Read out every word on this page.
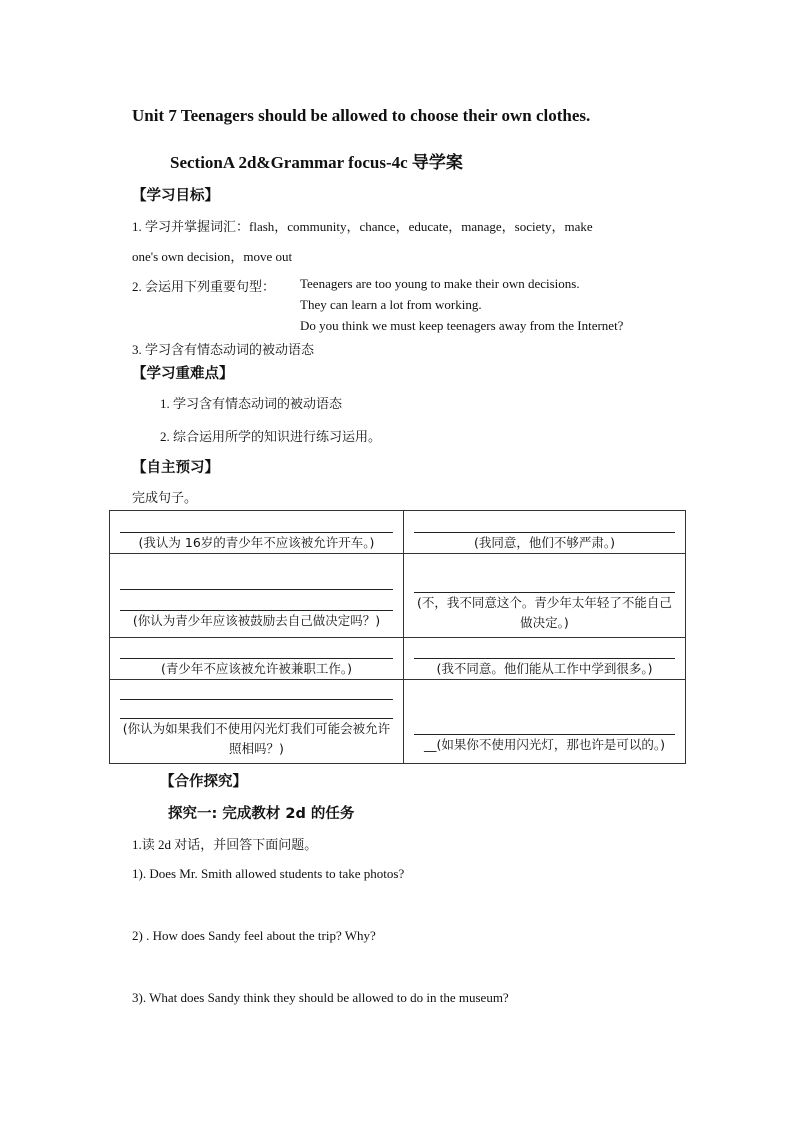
Unit 7 Teenagers should be allowed to choose their own clothes.
SectionA 2d&Grammar focus-4c 导学案
【学习目标】
1. 学习并掌握词汇：flash，community，chance，educate，manage，society，make
one's own decision，move out
2. 会运用下列重要句型： Teenagers are too young to make their own decisions.
They can learn a lot from working.
Do you think we must keep teenagers away from the Internet?
3. 学习含有情态动词的被动语态
【学习重难点】
1. 学习含有情态动词的被动语态
2. 综合运用所学的知识进行练习运用。
【自主预习】
完成句子。
(我认为 16岁的青少年不应该被允许开车。)	(我同意，他们不够严肃。)

(你认为青少年应该被鼓励去自己做决定吗？)	(不，我不同意这个。青少年太年轻了不能自己做决定。)

(青少年不应该被允许被兼职工作。)	(我不同意。他们能从工作中学到很多。)

(你认为如果我们不使用闪光灯我们可能会被允许照相吗？)	__(如果你不使用闪光灯，那也许是可以的。)
【合作探究】
探究一: 完成教材 2d 的任务
1.读 2d 对话，并回答下面问题。
1). Does Mr. Smith allowed students to take photos?
2) . How does Sandy feel about the trip? Why?
3). What does Sandy think they should be allowed to do in the museum?
